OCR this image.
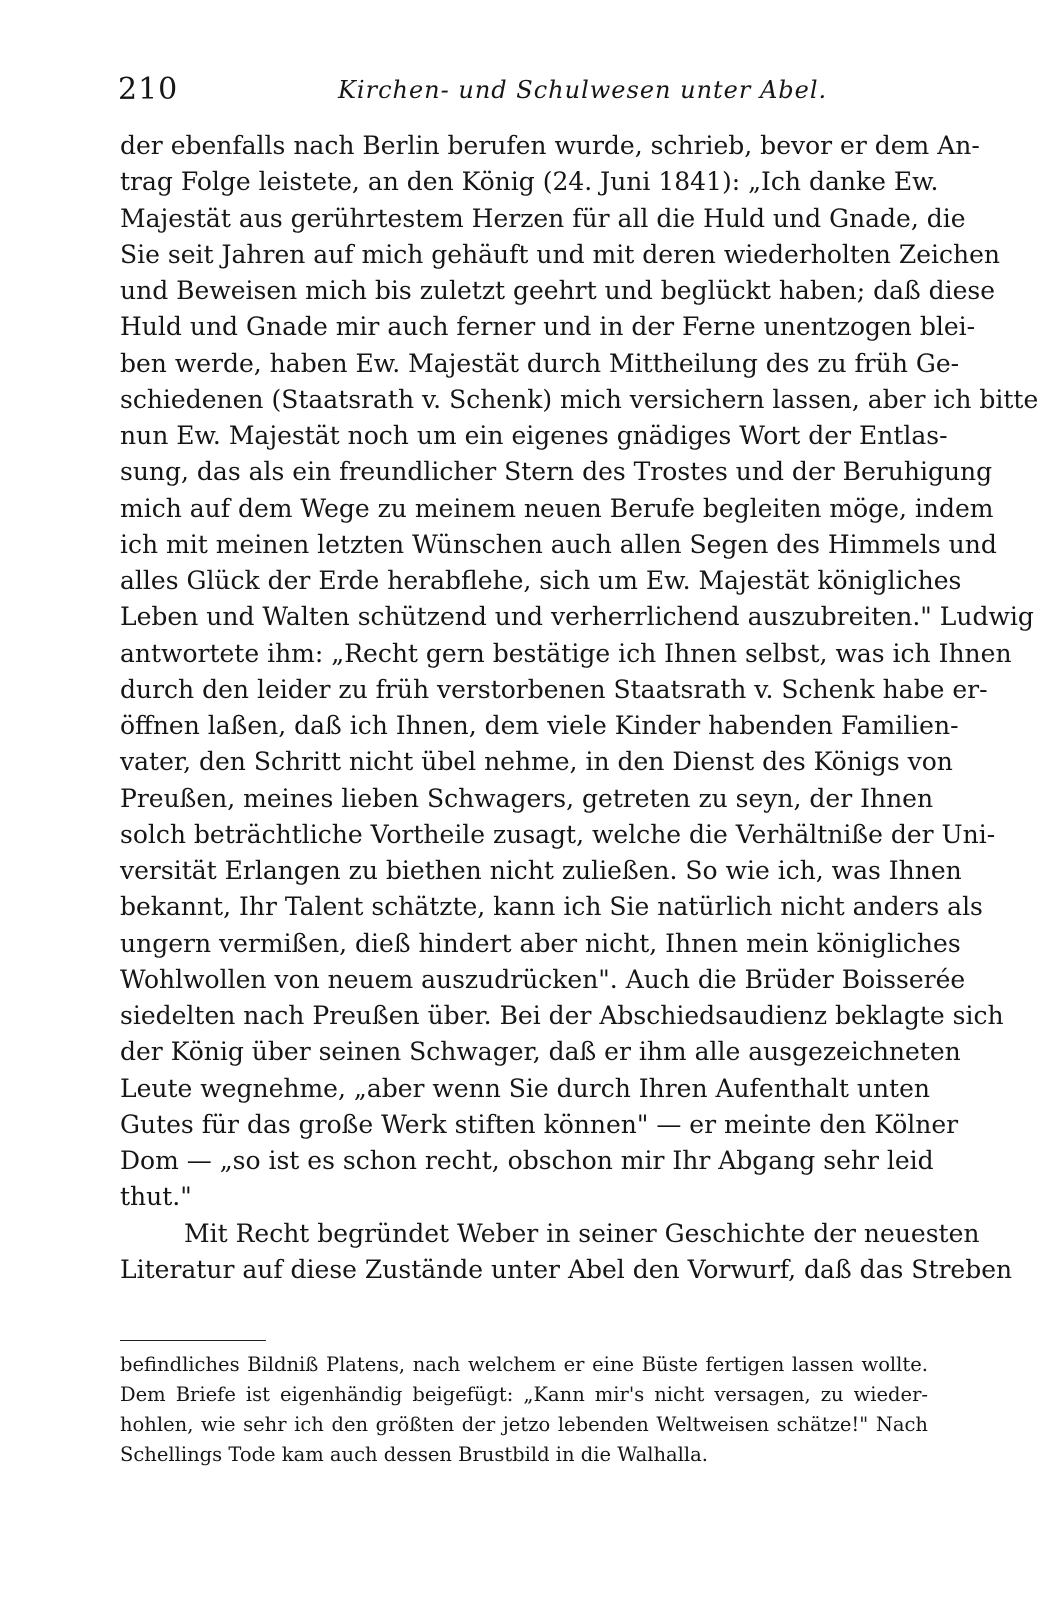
210	Kirchen- und Schulwesen unter Abel.
der ebenfalls nach Berlin berufen wurde, schrieb, bevor er dem An-
trag Folge leistete, an den König (24. Juni 1841): „Ich danke Ew.
Majestät aus gerührtestem Herzen für all die Huld und Gnade, die
Sie seit Jahren auf mich gehäuft und mit deren wiederholten Zeichen
und Beweisen mich bis zuletzt geehrt und beglückt haben; daß diese
Huld und Gnade mir auch ferner und in der Ferne unentzogen blei-
ben werde, haben Ew. Majestät durch Mittheilung des zu früh Ge-
schiedenen (Staatsrath v. Schenk) mich versichern lassen, aber ich bitte
nun Ew. Majestät noch um ein eigenes gnädiges Wort der Entlas-
sung, das als ein freundlicher Stern des Trostes und der Beruhigung
mich auf dem Wege zu meinem neuen Berufe begleiten möge, indem
ich mit meinen letzten Wünschen auch allen Segen des Himmels und
alles Glück der Erde herabflehe, sich um Ew. Majestät königliches
Leben und Walten schützend und verherrlichend auszubreiten." Ludwig
antwortete ihm: „Recht gern bestätige ich Ihnen selbst, was ich Ihnen
durch den leider zu früh verstorbenen Staatsrath v. Schenk habe er-
öffnen laßen, daß ich Ihnen, dem viele Kinder habenden Familien-
vater, den Schritt nicht übel nehme, in den Dienst des Königs von
Preußen, meines lieben Schwagers, getreten zu seyn, der Ihnen
solch beträchtliche Vortheile zusagt, welche die Verhältniße der Uni-
versität Erlangen zu biethen nicht zuließen. So wie ich, was Ihnen
bekannt, Ihr Talent schätzte, kann ich Sie natürlich nicht anders als
ungern vermißen, dieß hindert aber nicht, Ihnen mein königliches
Wohlwollen von neuem auszudrücken". Auch die Brüder Boisserée
siedelten nach Preußen über. Bei der Abschiedsaudienz beklagte sich
der König über seinen Schwager, daß er ihm alle ausgezeichneten
Leute wegnehme, „aber wenn Sie durch Ihren Aufenthalt unten
Gutes für das große Werk stiften können" — er meinte den Kölner
Dom — „so ist es schon recht, obschon mir Ihr Abgang sehr leid
thut."
Mit Recht begründet Weber in seiner Geschichte der neuesten
Literatur auf diese Zustände unter Abel den Vorwurf, daß das Streben
befindliches Bildniß Platens, nach welchem er eine Büste fertigen lassen wollte.
Dem Briefe ist eigenhändig beigefügt: „Kann mir's nicht versagen, zu wieder-
hohlen, wie sehr ich den größten der jetzo lebenden Weltweisen schätze!" Nach
Schellings Tode kam auch dessen Brustbild in die Walhalla.
